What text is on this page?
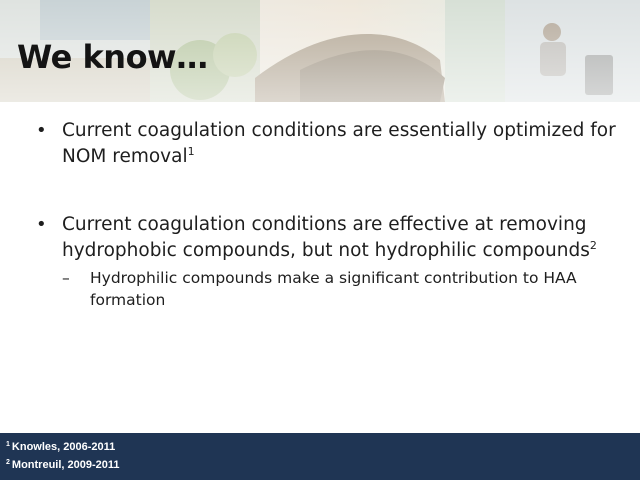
We know…
• Current coagulation conditions are essentially optimized for NOM removal$^1$
• Current coagulation conditions are effective at removing hydrophobic compounds, but not hydrophilic compounds$^2$
– Hydrophilic compounds make a significant contribution to HAA formation
$^1$ Knowles, 2006-2011
$^2$ Montreuil, 2009-2011
